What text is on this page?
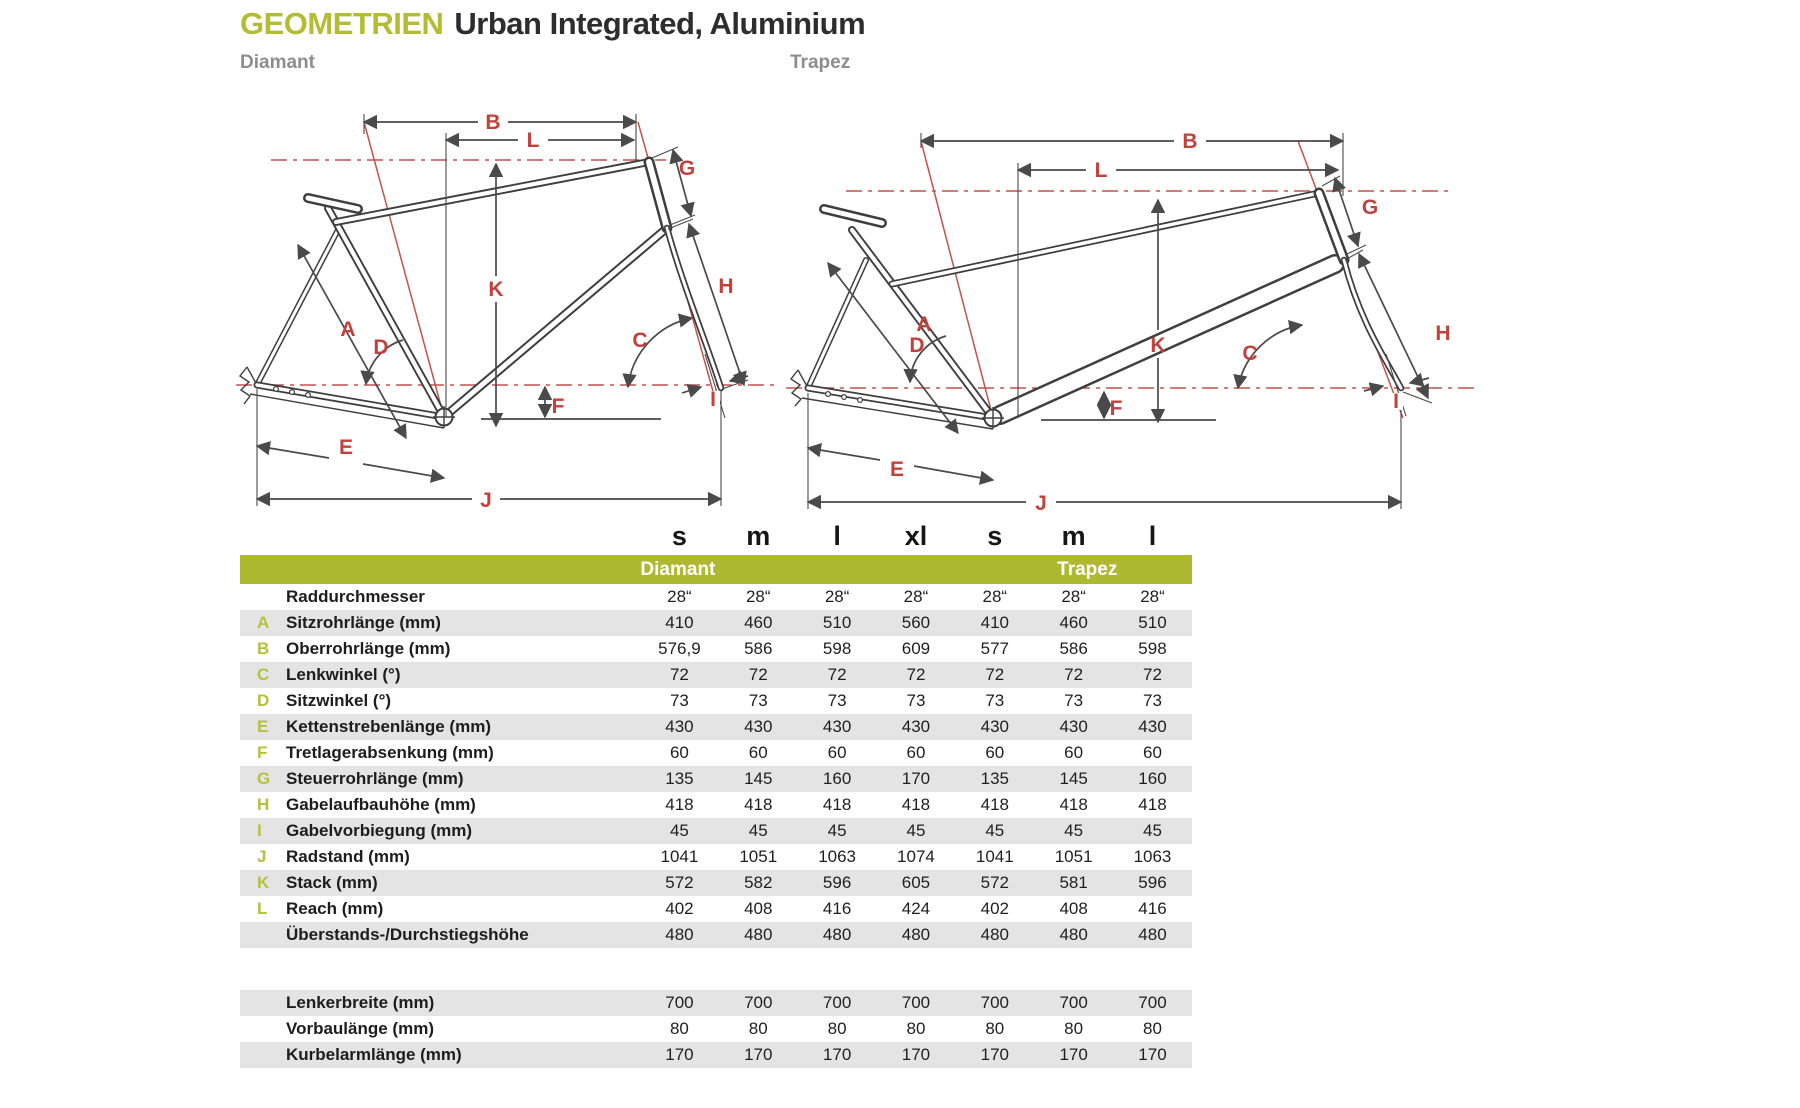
GEOMETRIEN Urban Integrated, Aluminium
Diamant	Trapez
B
L
G
K	H
A
D	C
F	I
E
J
B
L
G
K
H
A
D	C
F	I
E
J
s	m	l	xl	s	m	l
Diamant	Trapez
Raddurchmesser	28“	28“	28“	28“	28“	28“	28“
A Sitzrohrlänge (mm)	410	460	510	560	410	460	510
B Oberrohrlänge (mm)	576,9	586	598	609	577	586	598
C Lenkwinkel (°)	72	72	72	72	72	72	72
D Sitzwinkel (°)	73	73	73	73	73	73	73
E	Kettenstrebenlänge (mm)	430	430	430	430	430	430	430
F	Tretlagerabsenkung (mm)	60	60	60	60	60	60	60
G Steuerrohrlänge (mm)	135	145	160	170	135	145	160
H Gabelaufbauhöhe (mm)	418	418	418	418	418	418	418
I	Gabelvorbiegung (mm)	45	45	45	45	45	45	45
J	Radstand (mm)	1041	1051	1063	1074	1041	1051	1063
K Stack (mm)	572	582	596	605	572	581	596
L	Reach (mm)	402	408	416	424	402	408	416
Überstands-/Durchstiegshöhe	480	480	480	480	480	480	480
Lenkerbreite (mm)	700	700	700	700	700	700	700
Vorbaulänge (mm)	80	80	80	80	80	80	80
Kurbelarmlänge (mm)	170	170	170	170	170	170	170
